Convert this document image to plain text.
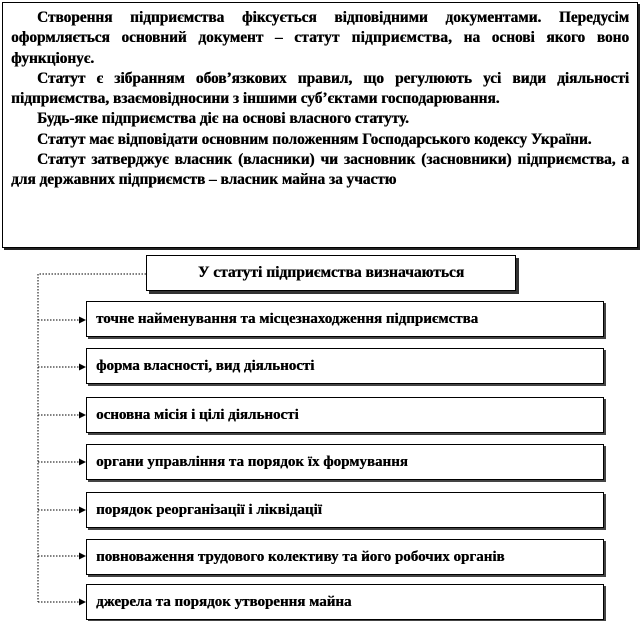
Створення підприємства фіксується відповідними документами. Передусім оформляється основний документ – статут підприємства, на основі якого воно функціонує.

Статут є зібранням обов’язкових правил, що регулюють усі види діяльності підприємства, взаємовідносини з іншими суб’єктами господарювання.

Будь-яке підприємства діє на основі власного статуту.

Статут має відповідати основним положенням Господарського кодексу України.

Статут затверджує власник (власники) чи засновник (засновники) підприємства, а для державних підприємств – власник майна за участю

У статуті підприємства визначаються
точне найменування та місцезнаходження підприємства
форма власності, вид діяльності
основна місія і цілі діяльності
органи управління та порядок їх формування
порядок реорганізації і ліквідації
повноваження трудового колективу та його робочих органів
джерела та порядок утворення майна
